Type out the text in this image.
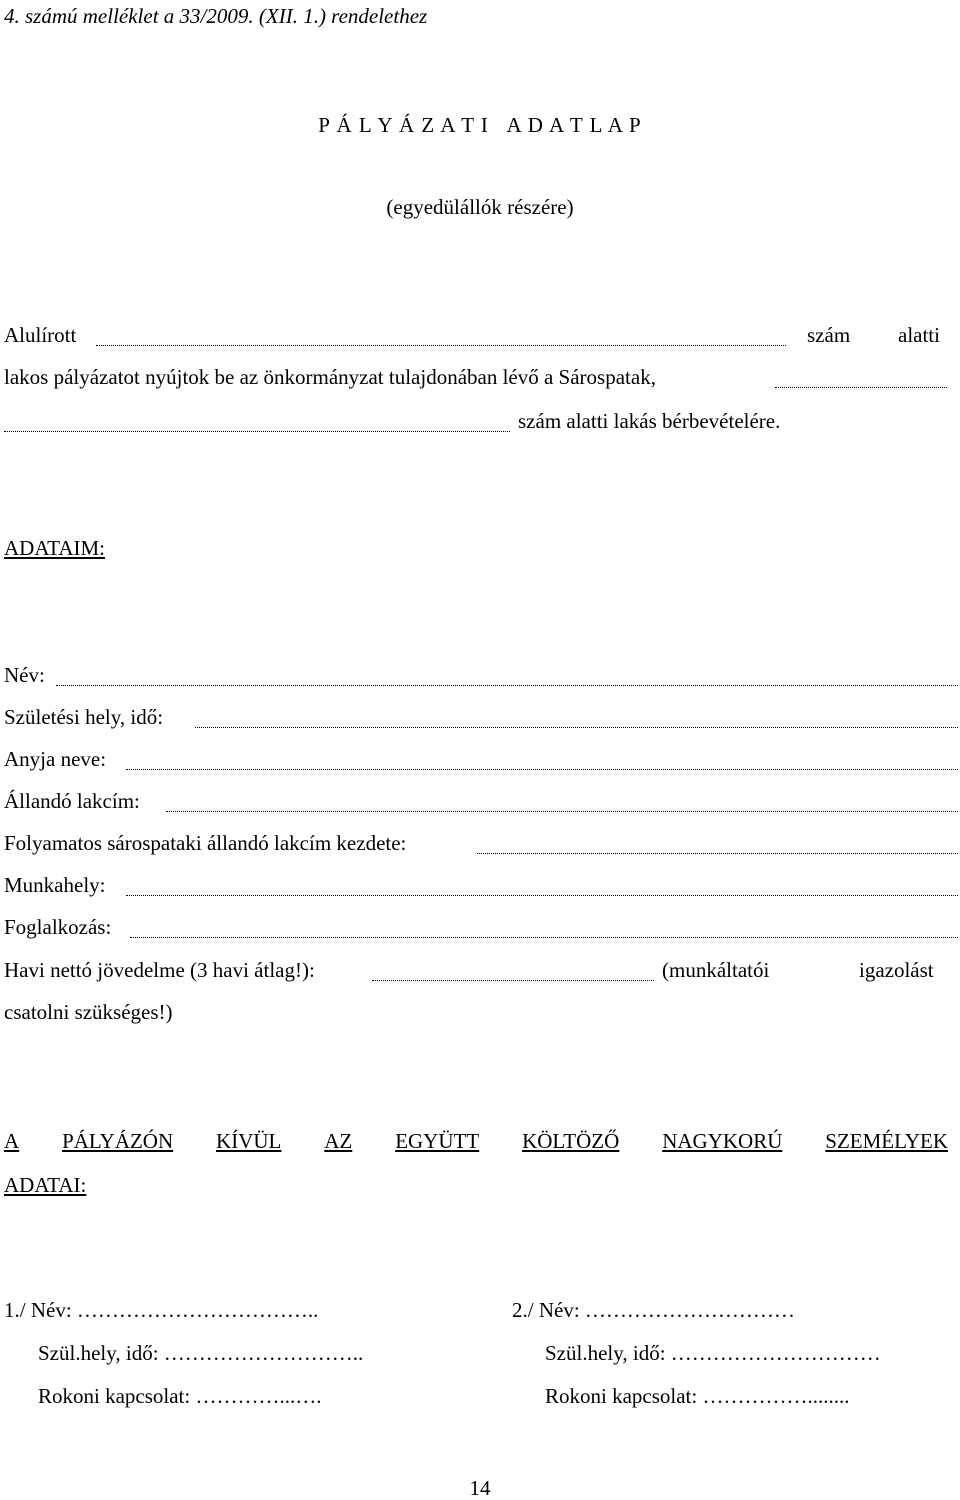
4. számú melléklet a 33/2009. (XII. 1.) rendelethez
P Á L Y Á Z A T I   A D A T L A P
(egyedülállók részére)
Alulírott	szám alatti
lakos pályázatot nyújtok be az önkormányzat tulajdonában lévő a Sárospatak,
szám alatti lakás bérbevételére.
ADATAIM:
Név:
Születési hely, idő:
Anyja neve:
Állandó lakcím:
Folyamatos sárospataki állandó lakcím kezdete:
Munkahely:
Foglalkozás:
Havi nettó jövedelme (3 havi átlag!):	(munkáltatói	igazolást
csatolni szükséges!)
A PÁLYÁZÓN KÍVÜL AZ EGYÜTT KÖLTÖZŐ NAGYKORÚ SZEMÉLYEK
ADATAI:
1./ Név: ……………………………..
Szül.hely, idő: ………………………..
Rokoni kapcsolat: …………...….
2./ Név: …………………………
Szül.hely, idő: …………………………
Rokoni kapcsolat: ……………........
14
